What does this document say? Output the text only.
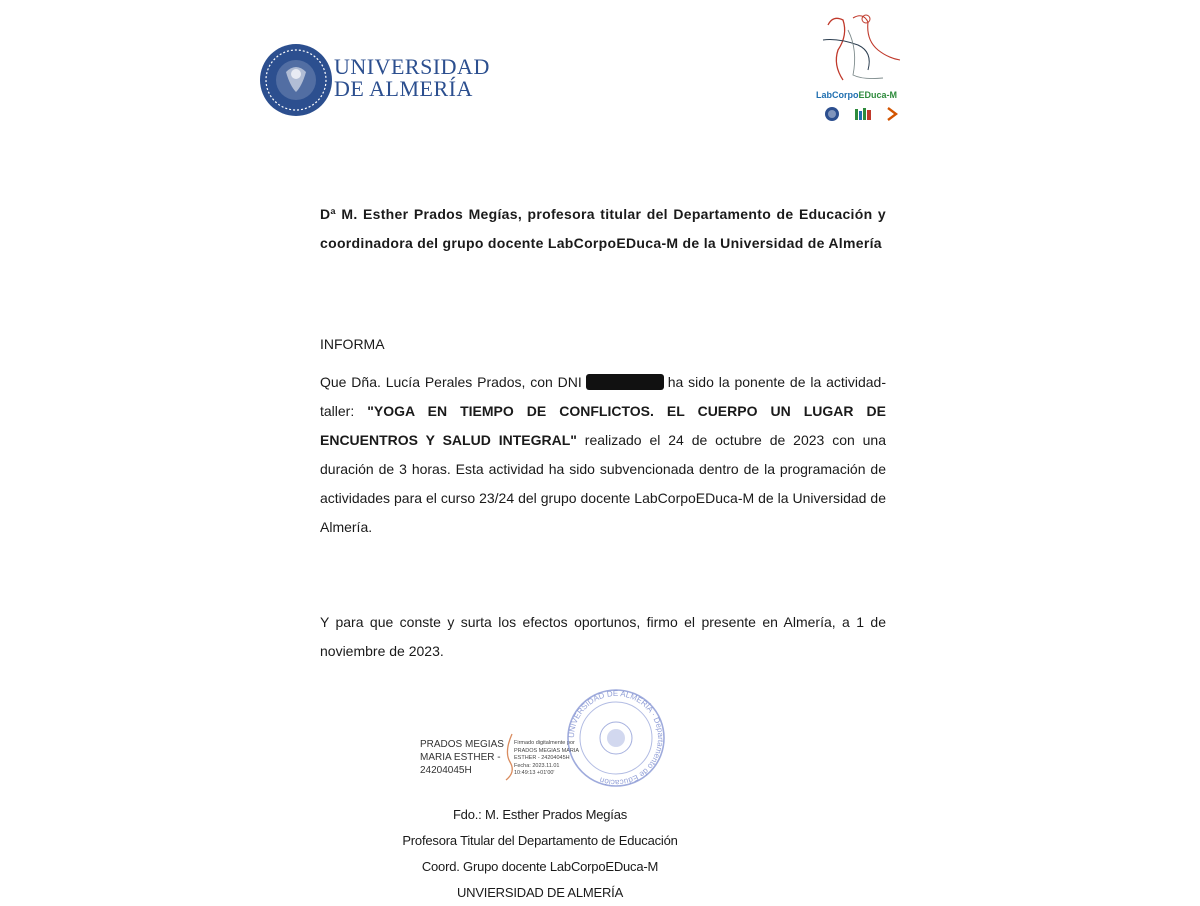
UNIVERSIDAD
DE ALMERÍA	LabCorpoEDuca-M
Dª M. Esther Prados Megías, profesora titular del Departamento de Educación y coordinadora del grupo docente LabCorpoEDuca-M de la Universidad de Almería
INFORMA
Que Dña. Lucía Perales Prados, con DNI	ha sido la ponente de la actividad-taller: "YOGA EN TIEMPO DE CONFLICTOS. EL CUERPO UN LUGAR DE ENCUENTROS Y SALUD INTEGRAL" realizado el 24 de octubre de 2023 con una duración de 3 horas. Esta actividad ha sido subvencionada dentro de la programación de actividades para el curso 23/24 del grupo docente LabCorpoEDuca-M de la Universidad de Almería.
Y para que conste y surta los efectos oportunos, firmo el presente en Almería, a 1 de noviembre de 2023.
PRADOS MEGIAS
MARIA ESTHER -
24204045H
Firmado digitalmente por
PRADOS MEGIAS MARIA
ESTHER - 24204045H
Fecha: 2023.11.01
10:49:13 +01'00'
UNIVERSIDAD DE ALMERÍA · Departamento de Educación
Fdo.: M. Esther Prados Megías
Profesora Titular del Departamento de Educación
Coord. Grupo docente LabCorpoEDuca-M
UNVIERSIDAD DE ALMERÍA
